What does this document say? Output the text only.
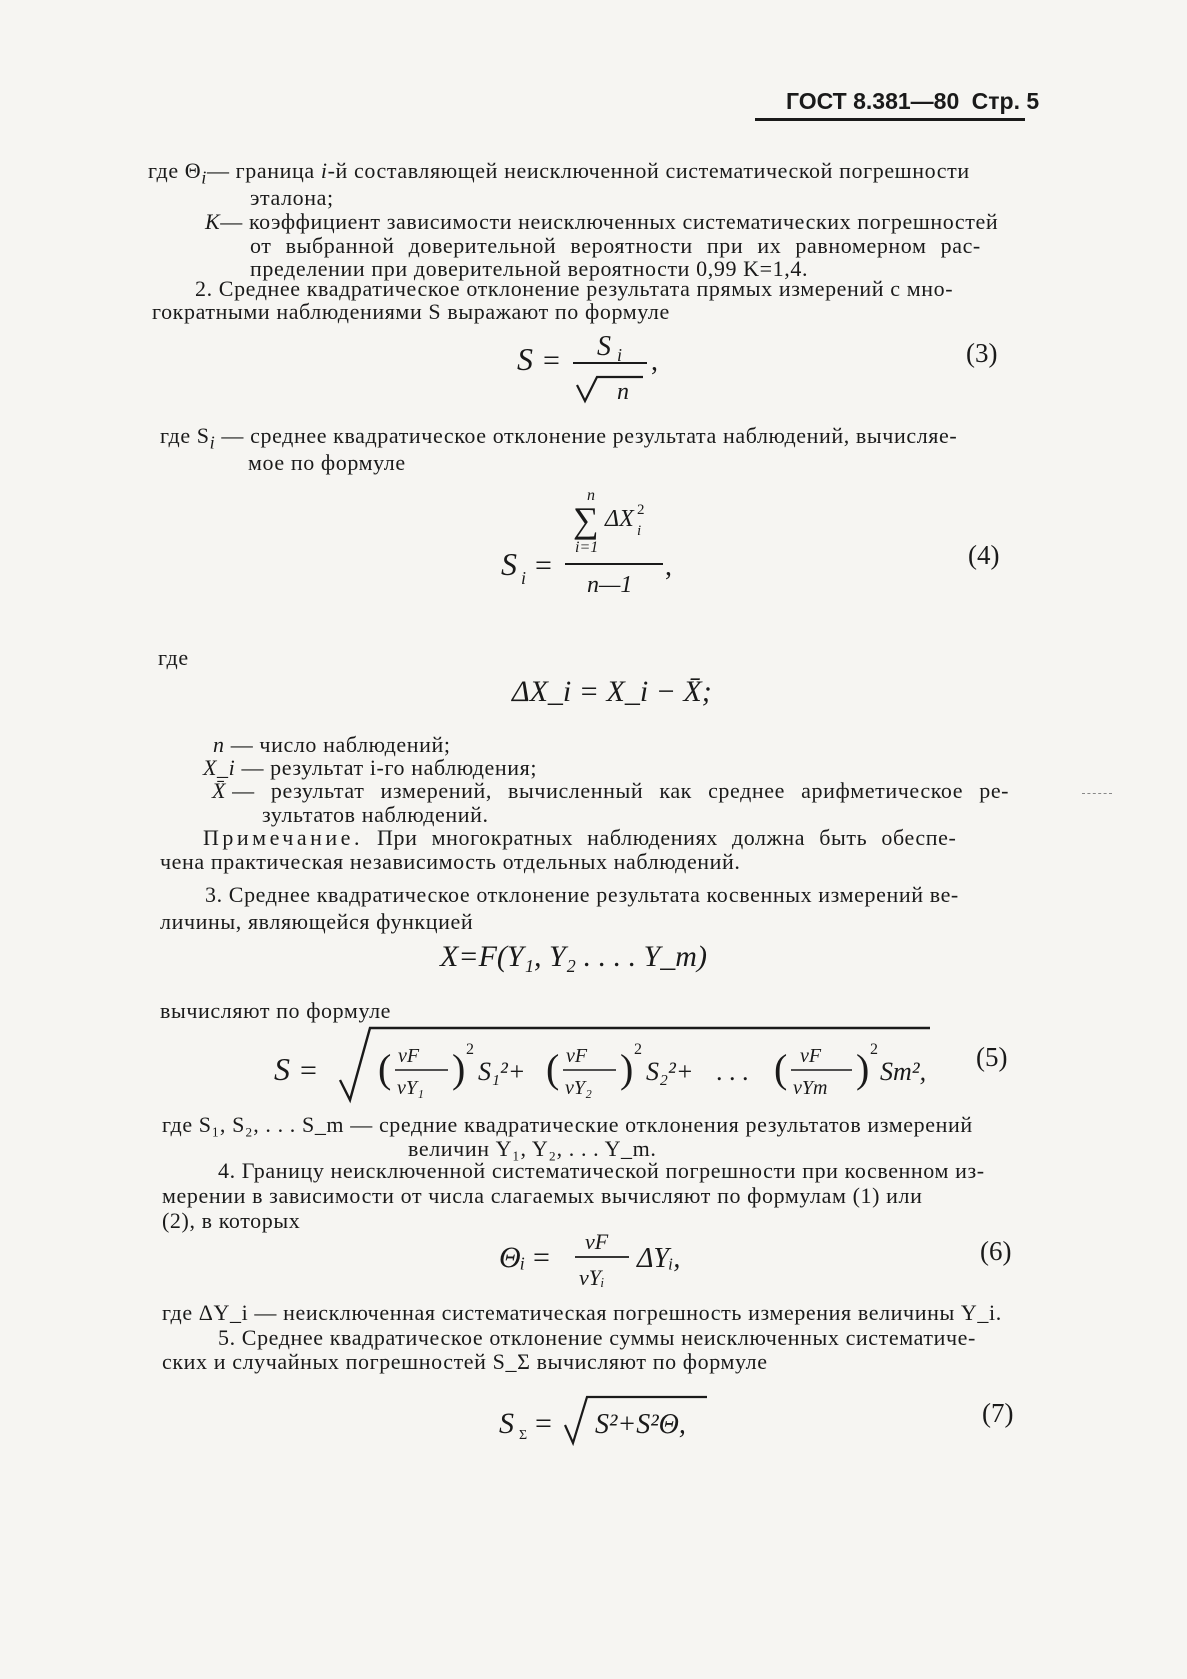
ГОСТ 8.381—80 Стр. 5
где $\Theta_i—$ граница i-й составляющей неисключенной систематической погрешности
эталона;
K— коэффициент зависимости неисключенных систематических погрешностей
от выбранной доверительной вероятности при их равномерном рас-
пределении при доверительной вероятности 0,99 K=1,4.
2. Среднее квадратическое отклонение результата прямых измерений с мно-
гократными наблюдениями S выражают по формуле
S = S i
n
,	(3)
где $S_i$ — среднее квадратическое отклонение результата наблюдений, вычисляе-
мое по формуле
S i =
n
∑
i=1
ΔX 2
i
n—1
,	(4)
где
ΔX_i = X_i − X̄;
n — число наблюдений;
X_i — результат i-го наблюдения;
X̄ — результат измерений, вычисленный как среднее арифметическое ре-
зультатов наблюдений.
Примечание. При многократных наблюдениях должна быть обеспе-
чена практическая независимость отдельных наблюдений.
3. Среднее квадратическое отклонение результата косвенных измерений ве-
личины, являющейся функцией
X=F(Y₁, Y₂ . . . . Y_m)
вычисляют по формуле
S = ( νF
νY₁ ) 2
S₁²+ ( νF
νY₂ ) 2
S₂²+ . . . ( νF
νYm ) 2
Sm², (5)
где S₁, S₂, . . . S_m — средние квадратические отклонения результатов измерений
величин Y₁, Y₂, . . . Y_m.
4. Границу неисключенной систематической погрешности при косвенном из-
мерении в зависимости от числа слагаемых вычисляют по формулам (1) или
(2), в которых
Θᵢ = νF
νYᵢ
ΔYᵢ,	(6)
где ΔY_i — неисключенная систематическая погрешность измерения величины Y_i.
5. Среднее квадратическое отклонение суммы неисключенных систематиче-
ских и случайных погрешностей S_Σ вычисляют по формуле
S Σ = S²+S²Θ,	(7)
